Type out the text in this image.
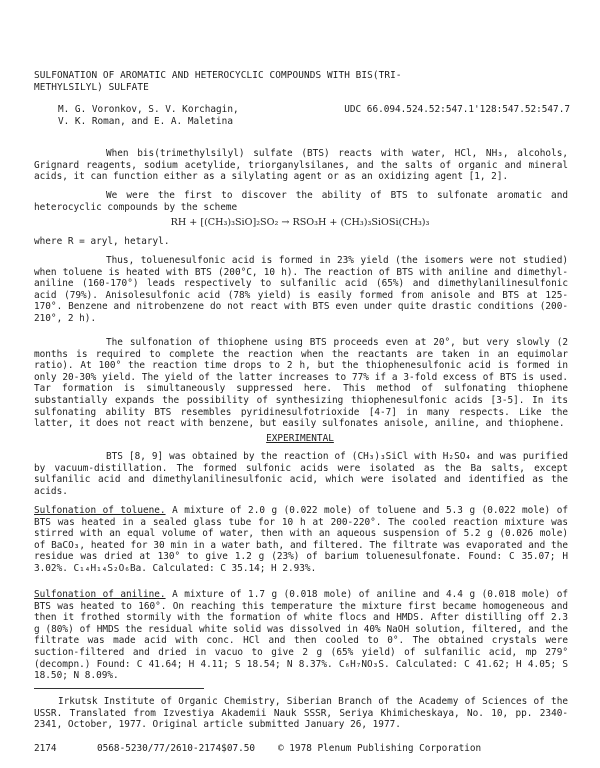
SULFONATION OF AROMATIC AND HETEROCYCLIC COMPOUNDS WITH BIS(TRI-
METHYLSILYL) SULFATE
M. G. Voronkov, S. V. Korchagin,
V. K. Roman, and E. A. Maletina
UDC 66.094.524.52:547.1'128:547.52:547.7
When bis(trimethylsilyl) sulfate (BTS) reacts with water, HCl, NH₃, alcohols, Grignard reagents, sodium acetylide, triorganylsilanes, and the salts of organic and mineral acids, it can function either as a silylating agent or as an oxidizing agent [1, 2].
We were the first to discover the ability of BTS to sulfonate aromatic and heterocyclic compounds by the scheme
RH + [(CH₃)₃SiO]₂SO₂ → RSO₃H + (CH₃)₃SiOSi(CH₃)₃
where R = aryl, hetaryl.
Thus, toluenesulfonic acid is formed in 23% yield (the isomers were not studied) when toluene is heated with BTS (200°C, 10 h). The reaction of BTS with aniline and dimethyl-aniline (160-170°) leads respectively to sulfanilic acid (65%) and dimethylanilinesulfonic acid (79%). Anisolesulfonic acid (78% yield) is easily formed from anisole and BTS at 125-170°. Benzene and nitrobenzene do not react with BTS even under quite drastic conditions (200-210°, 2 h).
The sulfonation of thiophene using BTS proceeds even at 20°, but very slowly (2 months is required to complete the reaction when the reactants are taken in an equimolar ratio). At 100° the reaction time drops to 2 h, but the thiophenesulfonic acid is formed in only 20-30% yield. The yield of the latter increases to 77% if a 3-fold excess of BTS is used. Tar formation is simultaneously suppressed here. This method of sulfonating thiophene substantially expands the possibility of synthesizing thiophenesulfonic acids [3-5]. In its sulfonating ability BTS resembles pyridinesulfotrioxide [4-7] in many respects. Like the latter, it does not react with benzene, but easily sulfonates anisole, aniline, and thiophene.
EXPERIMENTAL
BTS [8, 9] was obtained by the reaction of (CH₃)₃SiCl with H₂SO₄ and was purified by vacuum-distillation. The formed sulfonic acids were isolated as the Ba salts, except sulfanilic acid and dimethylanilinesulfonic acid, which were isolated and identified as the acids.
Sulfonation of toluene. A mixture of 2.0 g (0.022 mole) of toluene and 5.3 g (0.022 mole) of BTS was heated in a sealed glass tube for 10 h at 200-220°. The cooled reaction mixture was stirred with an equal volume of water, then with an aqueous suspension of 5.2 g (0.026 mole) of BaCO₃, heated for 30 min in a water bath, and filtered. The filtrate was evaporated and the residue was dried at 130° to give 1.2 g (23%) of barium toluenesulfonate. Found: C 35.07; H 3.02%. C₁₄H₁₄S₂O₆Ba. Calculated: C 35.14; H 2.93%.
Sulfonation of aniline. A mixture of 1.7 g (0.018 mole) of aniline and 4.4 g (0.018 mole) of BTS was heated to 160°. On reaching this temperature the mixture first became homogeneous and then it frothed stormily with the formation of white flocs and HMDS. After distilling off 2.3 g (80%) of HMDS the residual white solid was dissolved in 40% NaOH solution, filtered, and the filtrate was made acid with conc. HCl and then cooled to 0°. The obtained crystals were suction-filtered and dried in vacuo to give 2 g (65% yield) of sulfanilic acid, mp 279° (decompn.) Found: C 41.64; H 4.11; S 18.54; N 8.37%. C₆H₇NO₃S. Calculated: C 41.62; H 4.05; S 18.50; N 8.09%.
Irkutsk Institute of Organic Chemistry, Siberian Branch of the Academy of Sciences of the USSR. Translated from Izvestiya Akademii Nauk SSSR, Seriya Khimicheskaya, No. 10, pp. 2340-2341, October, 1977. Original article submitted January 26, 1977.
2174	0568-5230/77/2610-2174$07.50 © 1978 Plenum Publishing Corporation
